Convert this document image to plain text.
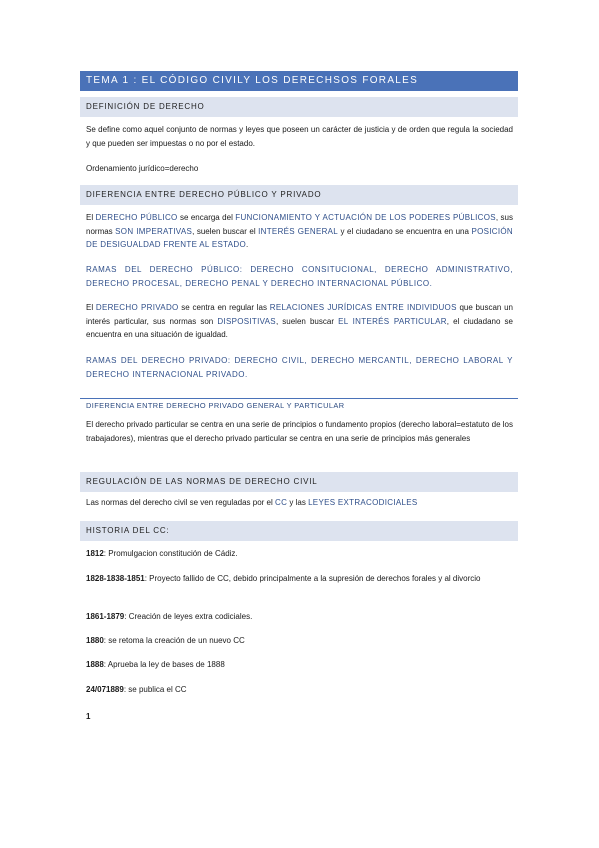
TEMA 1 : EL CÓDIGO CIVILY LOS DERECHSOS FORALES
DEFINICIÓN DE DERECHO
Se define como aquel conjunto de normas y leyes que poseen un carácter de justicia y de orden que regula la sociedad y que pueden ser impuestas o no por el estado.
Ordenamiento jurídico=derecho
DIFERENCIA ENTRE DERECHO PÚBLICO Y PRIVADO
El DERECHO PÚBLICO se encarga del FUNCIONAMIENTO Y ACTUACIÓN DE LOS PODERES PÚBLICOS, sus normas SON IMPERATIVAS, suelen buscar el INTERÉS GENERAL y el ciudadano se encuentra en una POSICIÓN DE DESIGUALDAD FRENTE AL ESTADO.
RAMAS DEL DERECHO PÚBLICO: DERECHO CONSITUCIONAL, DERECHO ADMINISTRATIVO, DERECHO PROCESAL, DERECHO PENAL Y DERECHO INTERNACIONAL PÚBLICO.
El DERECHO PRIVADO se centra en regular las RELACIONES JURÍDICAS ENTRE INDIVIDUOS que buscan un interés particular, sus normas son DISPOSITIVAS, suelen buscar EL INTERÉS PARTICULAR, el ciudadano se encuentra en una situación de igualdad.
RAMAS DEL DERECHO PRIVADO: DERECHO CIVIL, DERECHO MERCANTIL, DERECHO LABORAL Y DERECHO INTERNACIONAL PRIVADO.
DIFERENCIA ENTRE DERECHO PRIVADO GENERAL Y PARTICULAR
El derecho privado particular se centra en una serie de principios o fundamento propios (derecho laboral=estatuto de los trabajadores), mientras que el derecho privado particular se centra en una serie de principios más generales
REGULACIÓN DE LAS NORMAS DE DERECHO CIVIL
Las normas del derecho civil se ven reguladas por el CC y las LEYES EXTRACODICIALES
HISTORIA DEL CC:
1812: Promulgacion constitución de Cádiz.
1828-1838-1851: Proyecto fallido de CC, debido principalmente a la supresión de derechos forales y al divorcio
1861-1879: Creación de leyes extra codiciales.
1880: se retoma la creación de un nuevo CC
1888: Aprueba la ley de bases de 1888
24/071889: se publica el CC
1
